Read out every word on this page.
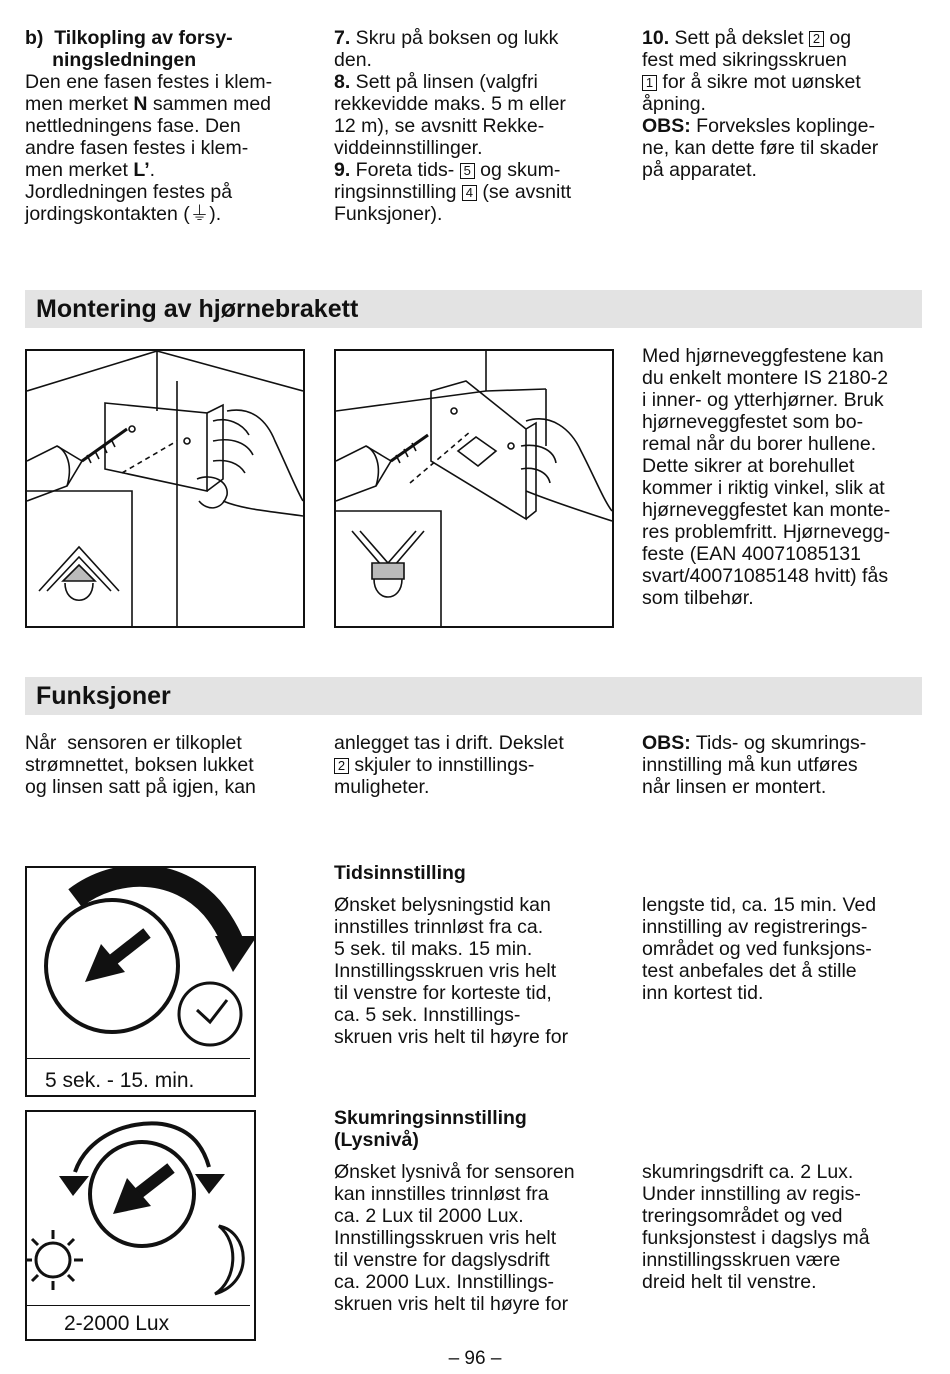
b)  Tilkopling av forsy-
ningsledningen

Den ene fasen festes i klem-
men merket N sammen med
nettledningens fase. Den
andre fasen festes i klem-
men merket L’.
Jordledningen festes på
jordingskontakten (⏚).

7. Skru på boksen og lukk
den.

8. Sett på linsen (valgfri
rekkevidde maks. 5 m eller
12 m), se avsnitt Rekke-
viddeinnstillinger.

9. Foreta tids- 5 og skum-
ringsinnstilling 4 (se avsnitt
Funksjoner).

10. Sett på dekslet 2 og
fest med sikringsskruen
1 for å sikre mot uønsket
åpning.

OBS: Forveksles koplinge-
ne, kan dette føre til skader
på apparatet.

Montering av hjørnebrakett
Med hjørneveggfestene kan
du enkelt montere IS 2180-2
i inner- og ytterhjørner. Bruk
hjørneveggfestet som bo-
remal når du borer hullene.
Dette sikrer at borehullet
kommer i riktig vinkel, slik at
hjørneveggfestet kan monte-
res problemfritt. Hjørnevegg-
feste (EAN 40071085131
svart/40071085148 hvitt) fås
som tilbehør.
Funksjoner
Når  sensoren er tilkoplet
strømnettet, boksen lukket
og linsen satt på igjen, kan
anlegget tas i drift. Dekslet
2 skjuler to innstillings-
muligheter.
OBS: Tids- og skumrings-
innstilling må kun utføres
når linsen er montert.
5 sek. - 15. min.
Tidsinnstilling
Ønsket belysningstid kan
innstilles trinnløst fra ca.
5 sek. til maks. 15 min.
Innstillingsskruen vris helt
til venstre for korteste tid,
ca. 5 sek. Innstillings-
skruen vris helt til høyre for
lengste tid, ca. 15 min. Ved
innstilling av registrerings-
området og ved funksjons-
test anbefales det å stille
inn kortest tid.
2-2000 Lux
Skumringsinnstilling
(Lysnivå)
Ønsket lysnivå for sensoren
kan innstilles trinnløst fra
ca. 2 Lux til 2000 Lux.
Innstillingsskruen vris helt
til venstre for dagslysdrift
ca. 2000 Lux. Innstillings-
skruen vris helt til høyre for
skumringsdrift ca. 2 Lux.
Under innstilling av regis-
treringsområdet og ved
funksjonstest i dagslys må
innstillingsskruen være
dreid helt til venstre.
– 96 –
